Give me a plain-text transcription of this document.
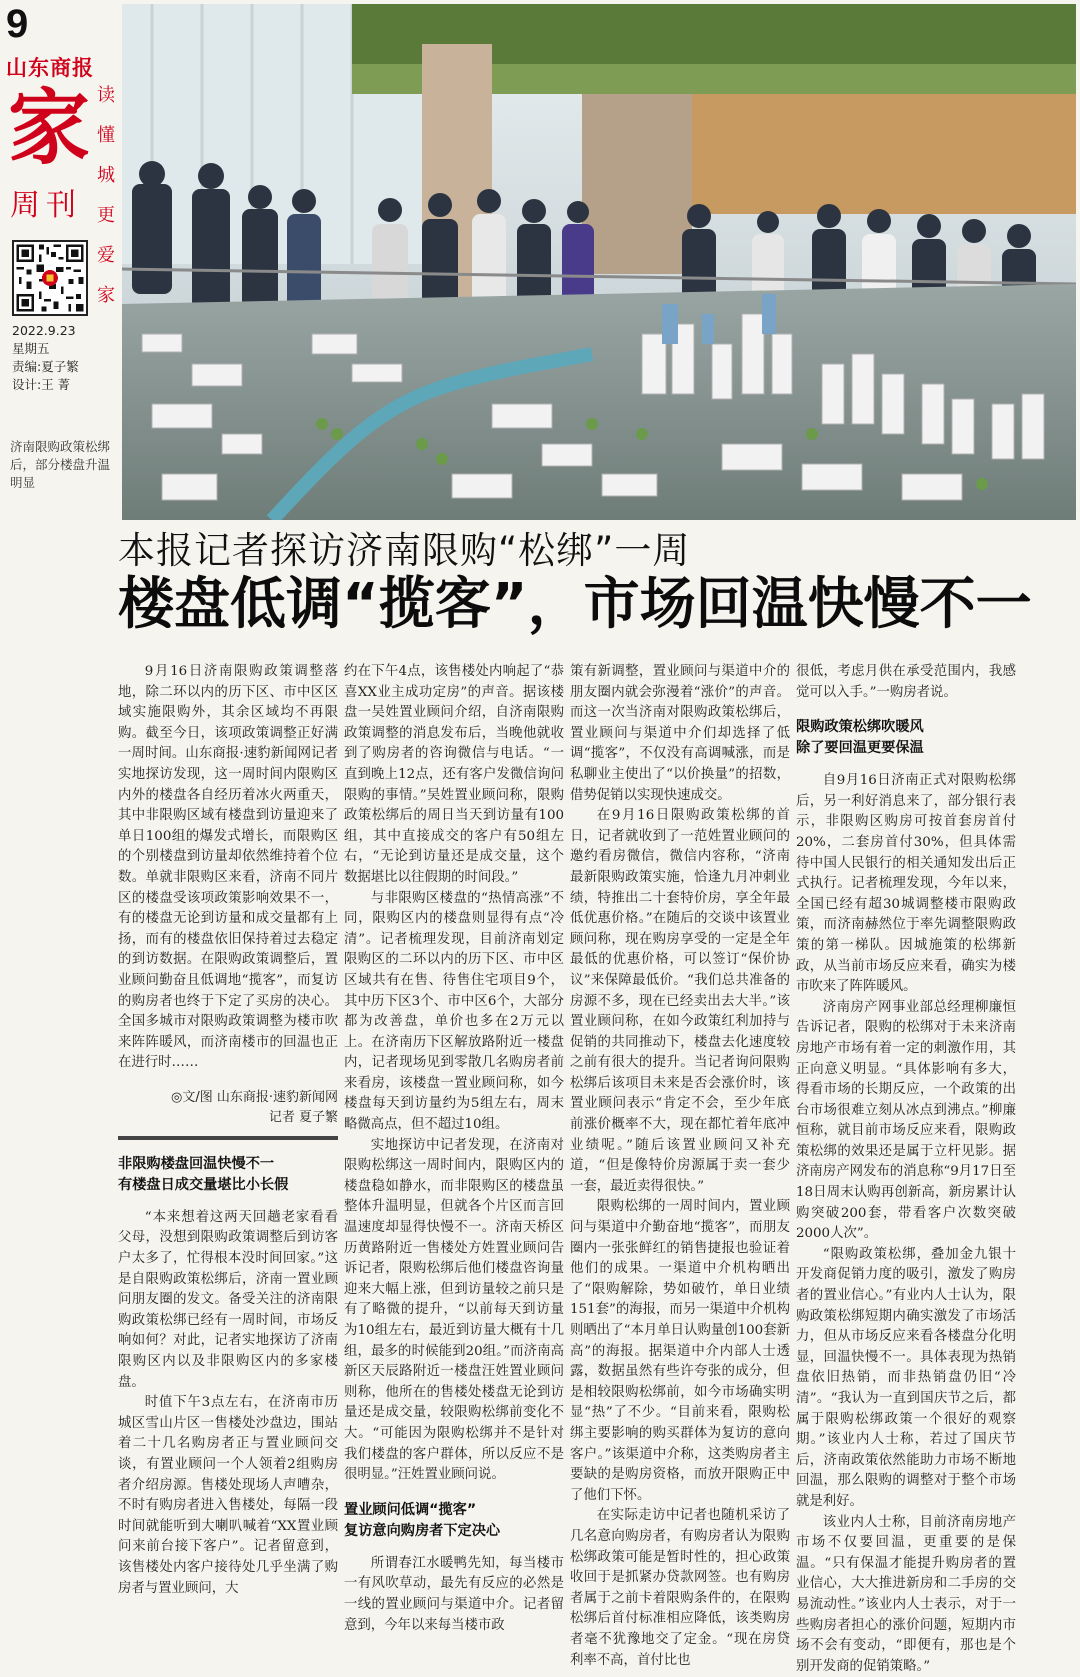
9
山东商报
家
周刊
读
懂
城
更
爱
家
2022.9.23
星期五
责编:夏子繁
设计:王 菁
济南限购政策松绑后，部分楼盘升温明显
本报记者探访济南限购“松绑”一周
楼盘低调“揽客”，市场回温快慢不一

9月16日济南限购政策调整落地，除二环以内的历下区、市中区区域实施限购外，其余区域均不再限购。截至今日，该项政策调整正好满一周时间。山东商报·速豹新闻网记者实地探访发现，这一周时间内限购区内外的楼盘各自经历着冰火两重天，其中非限购区域有楼盘到访量迎来了单日100组的爆发式增长，而限购区的个别楼盘到访量却依然维持着个位数。单就非限购区来看，济南不同片区的楼盘受该项政策影响效果不一，有的楼盘无论到访量和成交量都有上扬，而有的楼盘依旧保持着过去稳定的到访数据。在限购政策调整后，置业顾问勤奋且低调地“揽客”，而复访的购房者也终于下定了买房的决心。全国多城市对限购政策调整为楼市吹来阵阵暖风，而济南楼市的回温也正在进行时……

◎文/图 山东商报·速豹新闻网
记者 夏子繁
非限购楼盘回温快慢不一
有楼盘日成交量堪比小长假

“本来想着这两天回趟老家看看父母，没想到限购政策调整后到访客户太多了，忙得根本没时间回家。”这是自限购政策松绑后，济南一置业顾问朋友圈的发文。备受关注的济南限购政策松绑已经有一周时间，市场反响如何？对此，记者实地探访了济南限购区内以及非限购区内的多家楼盘。

时值下午3点左右，在济南市历城区雪山片区一售楼处沙盘边，围站着二十几名购房者正与置业顾问交谈，有置业顾问一个人领着2组购房者介绍房源。售楼处现场人声嘈杂，不时有购房者进入售楼处，每隔一段时间就能听到大喇叭喊着“XX置业顾问来前台接下客户”。记者留意到，该售楼处内客户接待处几乎坐满了购房者与置业顾问，大

约在下午4点，该售楼处内响起了“恭喜XX业主成功定房”的声音。据该楼盘一吴姓置业顾问介绍，自济南限购政策调整的消息发布后，当晚他就收到了购房者的咨询微信与电话。“一直到晚上12点，还有客户发微信询问限购的事情。”吴姓置业顾问称，限购政策松绑后的周日当天到访量有100组，其中直接成交的客户有50组左右，“无论到访量还是成交量，这个数据堪比以往假期的时间段。”

与非限购区楼盘的“热情高涨”不同，限购区内的楼盘则显得有点“冷清”。记者梳理发现，目前济南划定限购区的二环以内的历下区、市中区区域共有在售、待售住宅项目9个，其中历下区3个、市中区6个，大部分都为改善盘，单价也多在2万元以上。在济南历下区解放路附近一楼盘内，记者现场见到零散几名购房者前来看房，该楼盘一置业顾问称，如今楼盘每天到访量约为5组左右，周末略微高点，但不超过10组。

实地探访中记者发现，在济南对限购松绑这一周时间内，限购区内的楼盘稳如静水，而非限购区的楼盘虽整体升温明显，但就各个片区而言回温速度却显得快慢不一。济南天桥区历黄路附近一售楼处方姓置业顾问告诉记者，限购松绑后他们楼盘咨询量迎来大幅上涨，但到访量较之前只是有了略微的提升，“以前每天到访量为10组左右，最近到访量大概有十几组，最多的时候能到20组。”而济南高新区天辰路附近一楼盘汪姓置业顾问则称，他所在的售楼处楼盘无论到访量还是成交量，较限购松绑前变化不大。“可能因为限购松绑并不是针对我们楼盘的客户群体，所以反应不是很明显。”汪姓置业顾问说。

置业顾问低调“揽客”
复访意向购房者下定决心

所谓春江水暖鸭先知，每当楼市一有风吹草动，最先有反应的必然是一线的置业顾问与渠道中介。记者留意到，今年以来每当楼市政

策有新调整，置业顾问与渠道中介的朋友圈内就会弥漫着“涨价”的声音。而这一次当济南对限购政策松绑后，置业顾问与渠道中介们却选择了低调“揽客”，不仅没有高调喊涨，而是私聊业主使出了“以价换量”的招数，借势促销以实现快速成交。

在9月16日限购政策松绑的首日，记者就收到了一范姓置业顾问的邀约看房微信，微信内容称，“济南最新限购政策实施，恰逢九月冲刺业绩，特推出二十套特价房，享全年最低优惠价格。”在随后的交谈中该置业顾问称，现在购房享受的一定是全年最低的优惠价格，可以签订“保价协议”来保障最低价。“我们总共准备的房源不多，现在已经卖出去大半。”该置业顾问称，在如今政策红利加持与促销的共同推动下，楼盘去化速度较之前有很大的提升。当记者询问限购松绑后该项目未来是否会涨价时，该置业顾问表示“肯定不会，至少年底前涨价概率不大，现在都忙着年底冲业绩呢。”随后该置业顾问又补充道，“但是像特价房源属于卖一套少一套，最近卖得很快。”

限购松绑的一周时间内，置业顾问与渠道中介勤奋地“揽客”，而朋友圈内一张张鲜红的销售捷报也验证着他们的成果。一渠道中介机构晒出了“限购解除，势如破竹，单日业绩151套”的海报，而另一渠道中介机构则晒出了“本月单日认购量创100套新高”的海报。据渠道中介内部人士透露，数据虽然有些许夸张的成分，但是相较限购松绑前，如今市场确实明显“热”了不少。“目前来看，限购松绑主要影响的购买群体为复访的意向客户。”该渠道中介称，这类购房者主要缺的是购房资格，而放开限购正中了他们下怀。

在实际走访中记者也随机采访了几名意向购房者，有购房者认为限购松绑政策可能是暂时性的，担心政策收回于是抓紧办贷款网签。也有购房者属于之前卡着限购条件的，在限购松绑后首付标准相应降低，该类购房者毫不犹豫地交了定金。“现在房贷利率不高，首付比也

很低，考虑月供在承受范围内，我感觉可以入手。”一购房者说。

限购政策松绑吹暖风
除了要回温更要保温

自9月16日济南正式对限购松绑后，另一利好消息来了，部分银行表示，非限购区购房可按首套房首付20%，二套房首付30%，但具体需待中国人民银行的相关通知发出后正式执行。记者梳理发现，今年以来，全国已经有超30城调整楼市限购政策，而济南赫然位于率先调整限购政策的第一梯队。因城施策的松绑新政，从当前市场反应来看，确实为楼市吹来了阵阵暖风。

济南房产网事业部总经理柳廉恒告诉记者，限购的松绑对于未来济南房地产市场有着一定的刺激作用，其正向意义明显。“具体影响有多大，得看市场的长期反应，一个政策的出台市场很难立刻从冰点到沸点。”柳廉恒称，就目前市场反应来看，限购政策松绑的效果还是属于立杆见影。据济南房产网发布的消息称“9月17日至18日周末认购再创新高，新房累计认购突破200套，带看客户次数突破2000人次”。

“限购政策松绑，叠加金九银十开发商促销力度的吸引，激发了购房者的置业信心。”有业内人士认为，限购政策松绑短期内确实激发了市场活力，但从市场反应来看各楼盘分化明显，回温快慢不一。具体表现为热销盘依旧热销，而非热销盘仍旧“冷清”。“我认为一直到国庆节之后，都属于限购松绑政策一个很好的观察期。”该业内人士称，若过了国庆节后，济南政策依然能助力市场不断地回温，那么限购的调整对于整个市场就是利好。

该业内人士称，目前济南房地产市场不仅要回温，更重要的是保温。“只有保温才能提升购房者的置业信心，大大推进新房和二手房的交易流动性。”该业内人士表示，对于一些购房者担心的涨价问题，短期内市场不会有变动，“即便有，那也是个别开发商的促销策略。”
